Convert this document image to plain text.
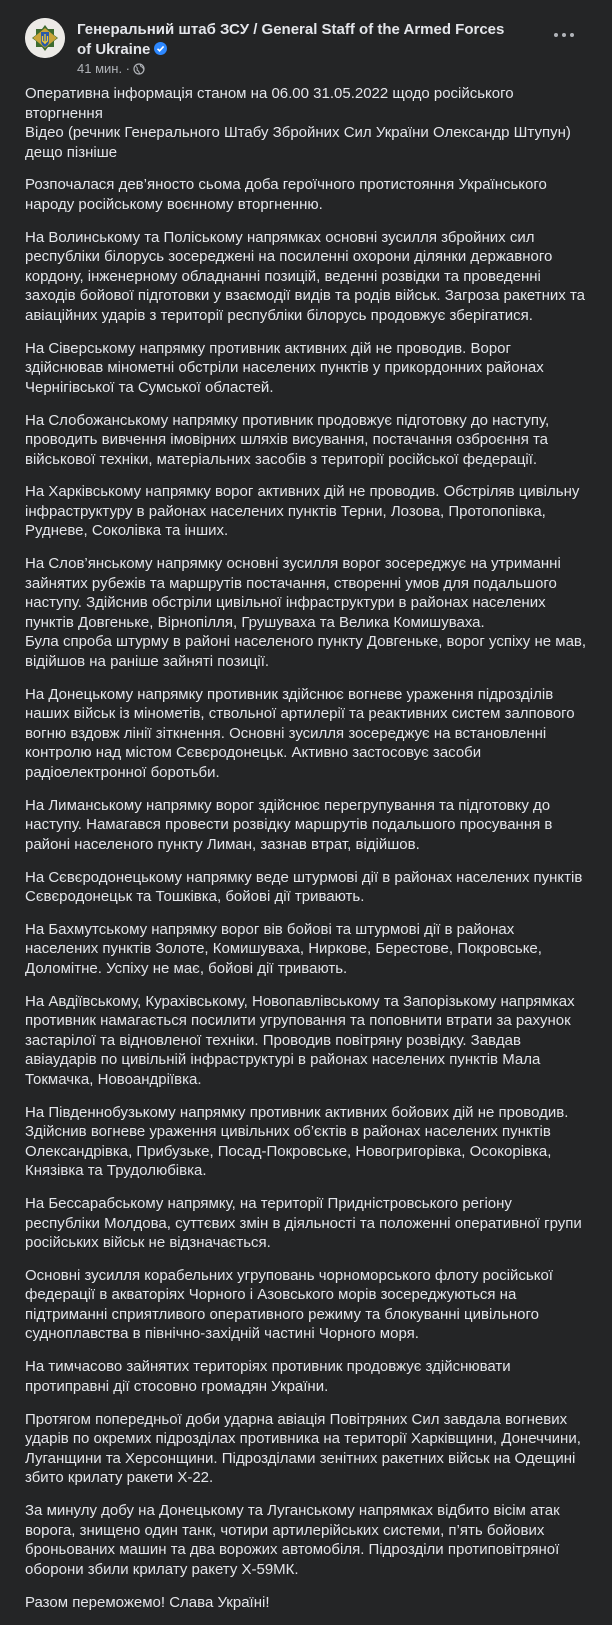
Генеральний штаб ЗСУ / General Staff of the Armed Forces of Ukraine
41 мин. ·

Оперативна інформація станом на 06.00 31.05.2022 щодо російського вторгнення
Відео (речник Генерального Штабу Збройних Сил України Олександр Штупун) дещо пізніше

Розпочалася дев’яносто сьома доба героїчного протистояння Українського народу російському воєнному вторгненню.

На Волинському та Поліському напрямках основні зусилля збройних сил республіки білорусь зосереджені на посиленні охорони ділянки державного кордону, інженерному обладнанні позицій, веденні розвідки та проведенні заходів бойової підготовки у взаємодії видів та родів військ. Загроза ракетних та авіаційних ударів з території республіки білорусь продовжує зберігатися.

На Сіверському напрямку противник активних дій не проводив. Ворог здійснював мінометні обстріли населених пунктів у прикордонних районах Чернігівської та Сумської областей.

На Слобожанському напрямку противник продовжує підготовку до наступу, проводить вивчення імовірних шляхів висування, постачання озброєння та військової техніки, матеріальних засобів з території російської федерації.

На Харківському напрямку ворог активних дій не проводив. Обстріляв цивільну інфраструктуру в районах населених пунктів Терни, Лозова, Протопопівка, Рудневе, Соколівка та інших.

На Слов’янському напрямку основні зусилля ворог зосереджує на утриманні зайнятих рубежів та маршрутів постачання, створенні умов для подальшого наступу. Здійснив обстріли цивільної інфраструктури в районах населених пунктів Довгеньке, Вірнопілля, Грушуваха та Велика Комишуваха.
Була спроба штурму в районі населеного пункту Довгеньке, ворог успіху не мав, відійшов на раніше зайняті позиції.

На Донецькому напрямку противник здійснює вогневе ураження підрозділів наших військ із мінометів, ствольної артилерії та реактивних систем залпового вогню вздовж лінії зіткнення. Основні зусилля зосереджує на встановленні контролю над містом Сєвєродонецьк. Активно застосовує засоби радіоелектронної боротьби.

На Лиманському напрямку ворог здійснює перегрупування та підготовку до наступу. Намагався провести розвідку маршрутів подальшого просування в районі населеного пункту Лиман, зазнав втрат, відійшов.

На Сєвєродонецькому напрямку веде штурмові дії в районах населених пунктів Сєвєродонецьк та Тошківка, бойові дії тривають.

На Бахмутському напрямку ворог вів бойові та штурмові дії в районах населених пунктів Золоте, Комишуваха, Ниркове, Берестове, Покровське, Доломітне. Успіху не має, бойові дії тривають.

На Авдіївському, Курахівському, Новопавлівському та Запорізькому напрямках противник намагається посилити угруповання та поповнити втрати за рахунок застарілої та відновленої техніки. Проводив повітряну розвідку. Завдав авіаударів по цивільній інфраструктурі в районах населених пунктів Мала Токмачка, Новоандріївка.

На Південнобузькому напрямку противник активних бойових дій не проводив. Здійснив вогневе ураження цивільних об’єктів в районах населених пунктів Олександрівка, Прибузьке, Посад-Покровське, Новогригорівка, Осокорівка, Князівка та Трудолюбівка.

На Бессарабському напрямку, на території Придністровського регіону республіки Молдова, суттєвих змін в діяльності та положенні оперативної групи російських військ не відзначається.

Основні зусилля корабельних угруповань чорноморського флоту російської федерації в акваторіях Чорного і Азовського морів зосереджуються на підтриманні сприятливого оперативного режиму та блокуванні цивільного судноплавства в північно-західній частині Чорного моря.

На тимчасово зайнятих територіях противник продовжує здійснювати протиправні дії стосовно громадян України.

Протягом попередньої доби ударна авіація Повітряних Сил завдала вогневих ударів по окремих підрозділах противника на території Харківщини, Донеччини, Луганщини та Херсонщини. Підрозділами зенітних ракетних військ на Одещині збито крилату ракети Х-22.

За минулу добу на Донецькому та Луганському напрямках відбито вісім атак ворога, знищено один танк, чотири артилерійських системи, п’ять бойових броньованих машин та два ворожих автомобіля. Підрозділи протиповітряної оборони збили крилату ракету Х-59МК.

Разом переможемо! Слава Україні!
